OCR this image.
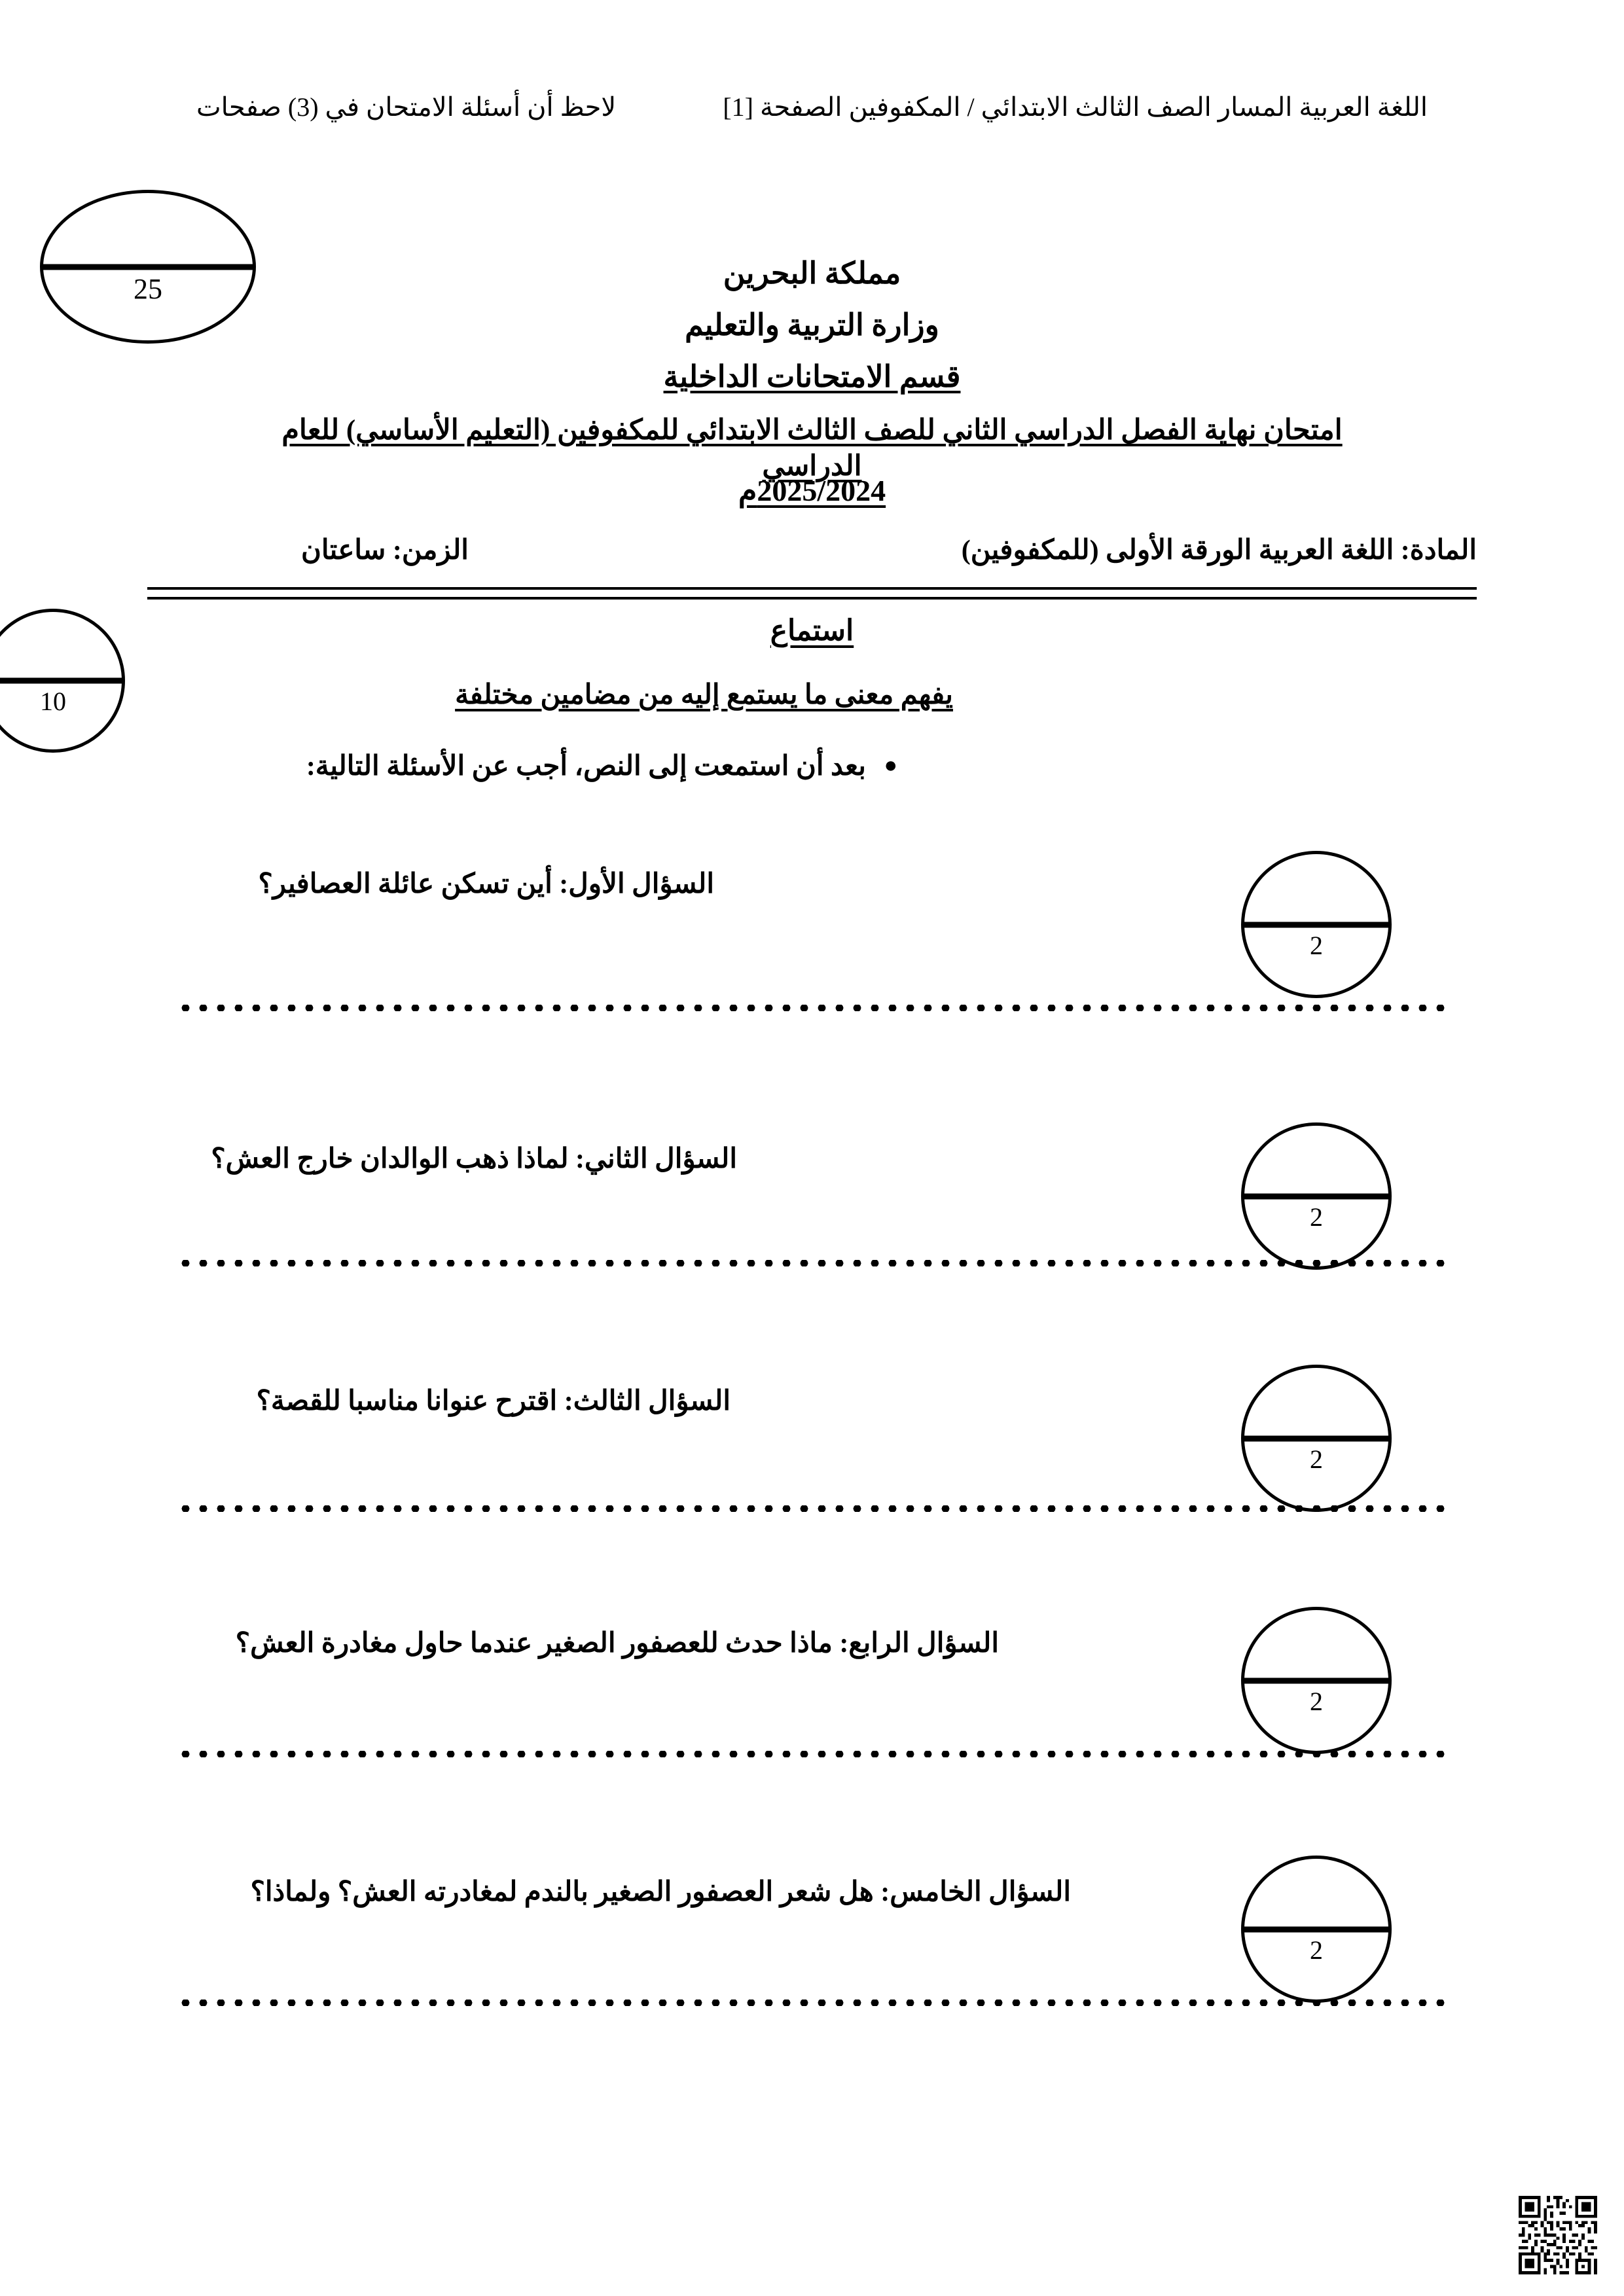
اللغة العربية المسار الصف الثالث الابتدائي / المكفوفين الصفحة [1]
لاحظ أن أسئلة الامتحان في (3) صفحات
25	مملكة البحرين
وزارة التربية والتعليم
قسم الامتحانات الداخلية
امتحان نهاية الفصل الدراسي الثاني للصف الثالث الابتدائي للمكفوفين (التعليم الأساسي) للعام الدراسي
2025/2024م
المادة: اللغة العربية الورقة الأولى (للمكفوفين)
الزمن: ساعتان
10
استماع
يفهم معنى ما يستمع إليه من مضامين مختلفة
●بعد أن استمعت إلى النص، أجب عن الأسئلة التالية:
2
السؤال الأول: أين تسكن عائلة العصافير؟
2
السؤال الثاني: لماذا ذهب الوالدان خارج العش؟
2
السؤال الثالث: اقترح عنوانا مناسبا للقصة؟
2
السؤال الرابع: ماذا حدث للعصفور الصغير عندما حاول مغادرة العش؟
2
السؤال الخامس: هل شعر العصفور الصغير بالندم لمغادرته العش؟ ولماذا؟
